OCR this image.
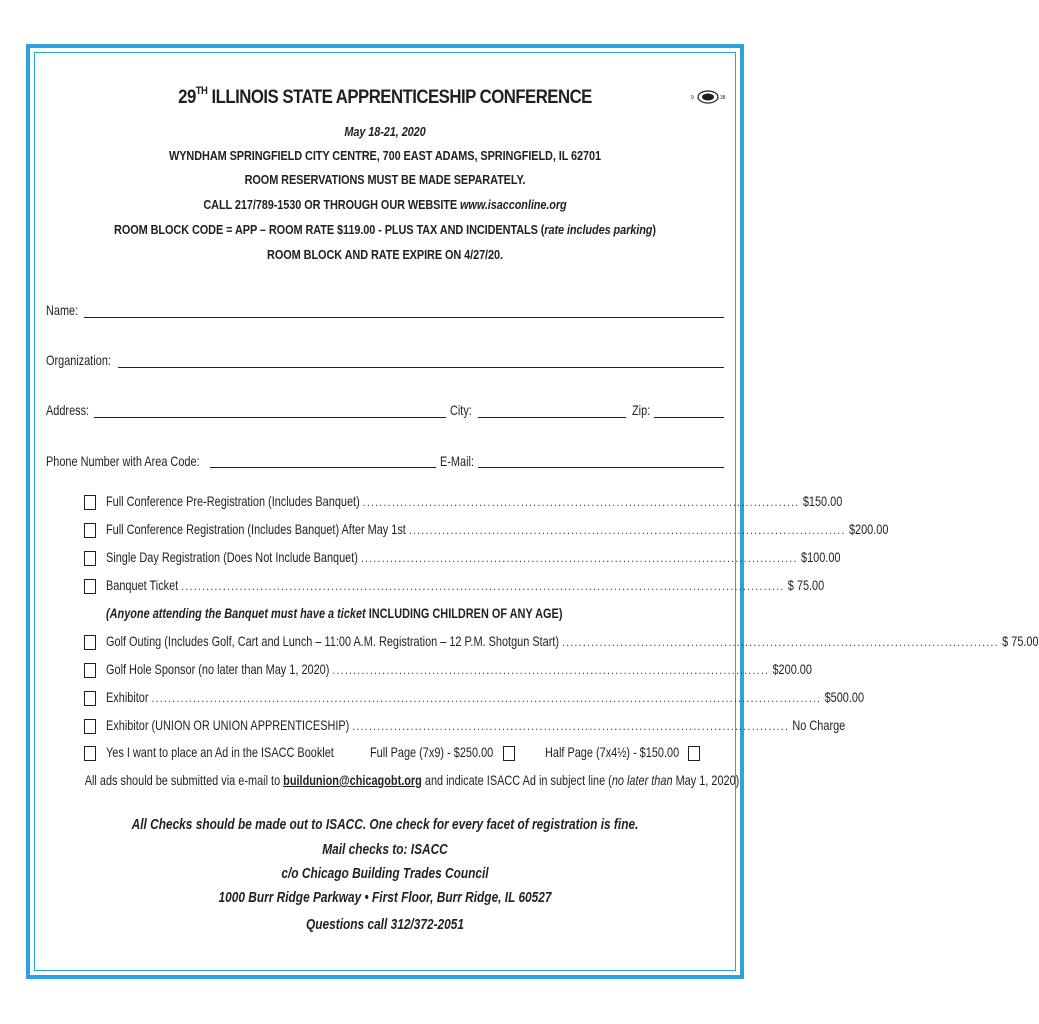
29TH ILLINOIS STATE APPRENTICESHIP CONFERENCE	9	38
May 18-21, 2020
WYNDHAM SPRINGFIELD CITY CENTRE, 700 EAST ADAMS, SPRINGFIELD, IL 62701
ROOM RESERVATIONS MUST BE MADE SEPARATELY.
CALL 217/789-1530 OR THROUGH OUR WEBSITE www.isacconline.org
ROOM BLOCK CODE = APP – ROOM RATE $119.00 - PLUS TAX AND INCIDENTALS (rate includes parking)
ROOM BLOCK AND RATE EXPIRE ON 4/27/20.
Name:
Organization:
Address:	City:	Zip:
Phone Number with Area Code:	E-Mail:
Full Conference Pre-Registration (Includes Banquet) ......................................................................................................... $150.00
Full Conference Registration (Includes Banquet) After May 1st ......................................................................................................... $200.00
Single Day Registration (Does Not Include Banquet) ......................................................................................................... $100.00
Banquet Ticket ................................................................................................................................................. $ 75.00
(Anyone attending the Banquet must have a ticket INCLUDING CHILDREN OF ANY AGE)
Golf Outing (Includes Golf, Cart and Lunch – 11:00 A.M. Registration – 12 P.M. Shotgun Start) ......................................................................................................... $ 75.00
Golf Hole Sponsor (no later than May 1, 2020) ......................................................................................................... $200.00
Exhibitor ................................................................................................................................................................. $500.00
Exhibitor (UNION OR UNION APPRENTICESHIP) ......................................................................................................... No Charge
Yes I want to place an Ad in the ISACC Booklet	Full Page (7x9) - $250.00	Half Page (7x4½) - $150.00
All ads should be submitted via e-mail to buildunion@chicagobt.org and indicate ISACC Ad in subject line (no later than May 1, 2020)
All Checks should be made out to ISACC. One check for every facet of registration is fine.
Mail checks to: ISACC
c/o Chicago Building Trades Council
1000 Burr Ridge Parkway • First Floor, Burr Ridge, IL 60527
Questions call 312/372-2051
